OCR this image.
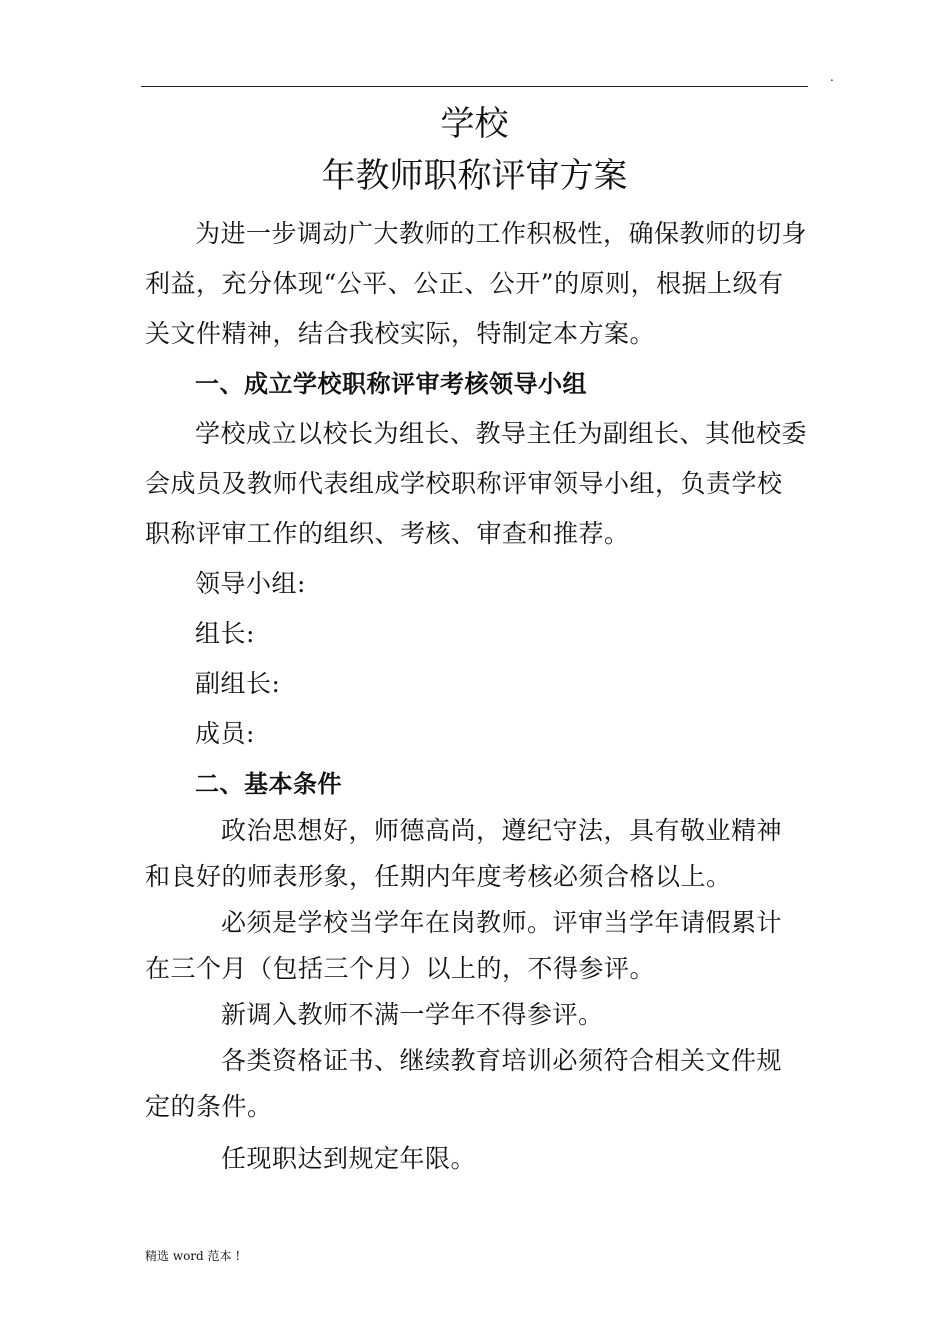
.
学校
年教师职称评审方案

为进一步调动广大教师的工作积极性，确保教师的切身利益，充分体现“公平、公正、公开”的原则，根据上级有关文件精神，结合我校实际，特制定本方案。

一、成立学校职称评审考核领导小组

学校成立以校长为组长、教导主任为副组长、其他校委会成员及教师代表组成学校职称评审领导小组，负责学校职称评审工作的组织、考核、审查和推荐。

领导小组:

组长:

副组长:

成员:

二、基本条件

政治思想好，师德高尚，遵纪守法，具有敬业精神和良好的师表形象，任期内年度考核必须合格以上。

必须是学校当学年在岗教师。评审当学年请假累计在三个月（包括三个月）以上的，不得参评。

新调入教师不满一学年不得参评。

各类资格证书、继续教育培训必须符合相关文件规定的条件。

任现职达到规定年限。

精选 word 范本 !
